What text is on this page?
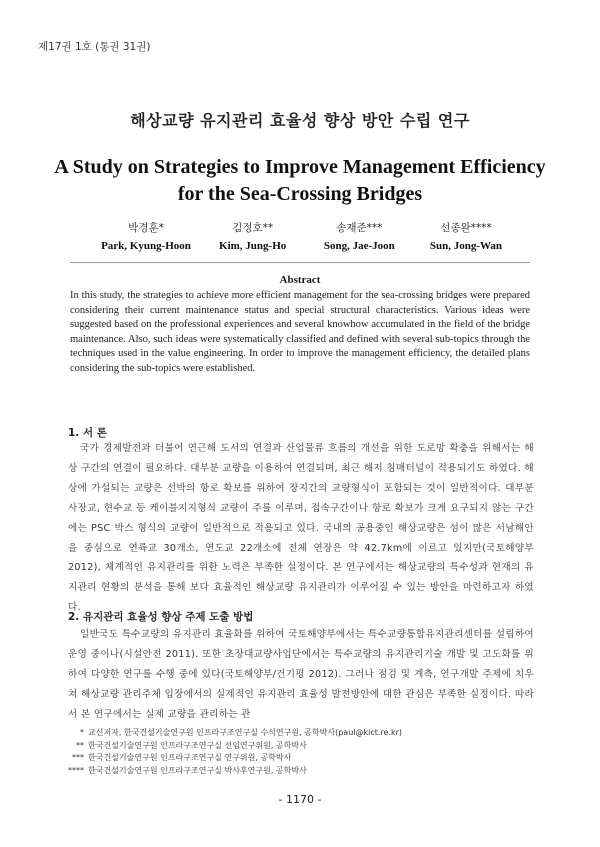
제17권 1호 (통권 31권)
해상교량 유지관리 효율성 향상 방안 수립 연구
A Study on Strategies to Improve Management Efficiency
for the Sea-Crossing Bridges
박경훈*
Park, Kyung-Hoon
김정호**
Kim, Jung-Ho
송재준***
Song, Jae-Joon
선종완****
Sun, Jong-Wan
Abstract
In this study, the strategies to achieve more efficient management for the sea-crossing bridges were prepared considering their current maintenance status and special structural characteristics. Various ideas were suggested based on the professional experiences and several knowhow accumulated in the field of the bridge maintenance. Also, such ideas were systematically classified and defined with several sub-topics through the techniques used in the value engineering. In order to improve the management efficiency, the detailed plans considering the sub-topics were established.
1. 서 론
국가 경제발전과 더불어 연근해 도서의 연결과 산업물류 흐름의 개선을 위한 도로망 확충을 위해서는 해상 구간의 연결이 필요하다. 대부분 교량을 이용하여 연결되며, 최근 해저 침매터널이 적용되기도 하였다. 해상에 가설되는 교량은 선박의 항로 확보를 위하여 장지간의 교량형식이 포함되는 것이 일반적이다. 대부분 사장교, 현수교 등 케이블지지형식 교량이 주를 이루며, 접속구간이나 항로 확보가 크게 요구되지 않는 구간에는 PSC 박스 형식의 교량이 일반적으로 적용되고 있다. 국내의 공용중인 해상교량은 섬이 많은 서남해안을 중심으로 연륙교 30개소, 연도교 22개소에 전체 연장은 약 42.7km에 이르고 있지만(국토해양부 2012), 체계적인 유지관리를 위한 노력은 부족한 실정이다. 본 연구에서는 해상교량의 특수성과 현재의 유지관리 현황의 분석을 통해 보다 효율적인 해상교량 유지관리가 이루어질 수 있는 방안을 마련하고자 하였다.
2. 유지관리 효율성 향상 주제 도출 방법
일반국도 특수교량의 유지관리 효율화를 위하여 국토해양부에서는 특수교량통합유지관리센터를 설립하여 운영 중이나(시설안전 2011). 또한 초장대교량사업단에서는 특수교량의 유지관리기술 개발 및 고도화를 위하여 다양한 연구를 수행 중에 있다(국토해양부/건기평 2012). 그러나 점검 및 계측, 연구개발 주제에 치우쳐 해상교량 관리주체 입장에서의 실제적인 유지관리 효율성 발전방안에 대한 관심은 부족한 실정이다. 따라서 본 연구에서는 실제 교량을 관리하는 관
* 교신저자, 한국건설기술연구원 인프라구조연구실 수석연구원, 공학박사(paul@kict.re.kr)
** 한국건설기술연구원 인프라구조연구실 선임연구위원, 공학박사
*** 한국건설기술연구원 인프라구조연구실 연구위원, 공학박사
**** 한국건설기술연구원 인프라구조연구실 박사후연구원, 공학박사
- 1170 -
